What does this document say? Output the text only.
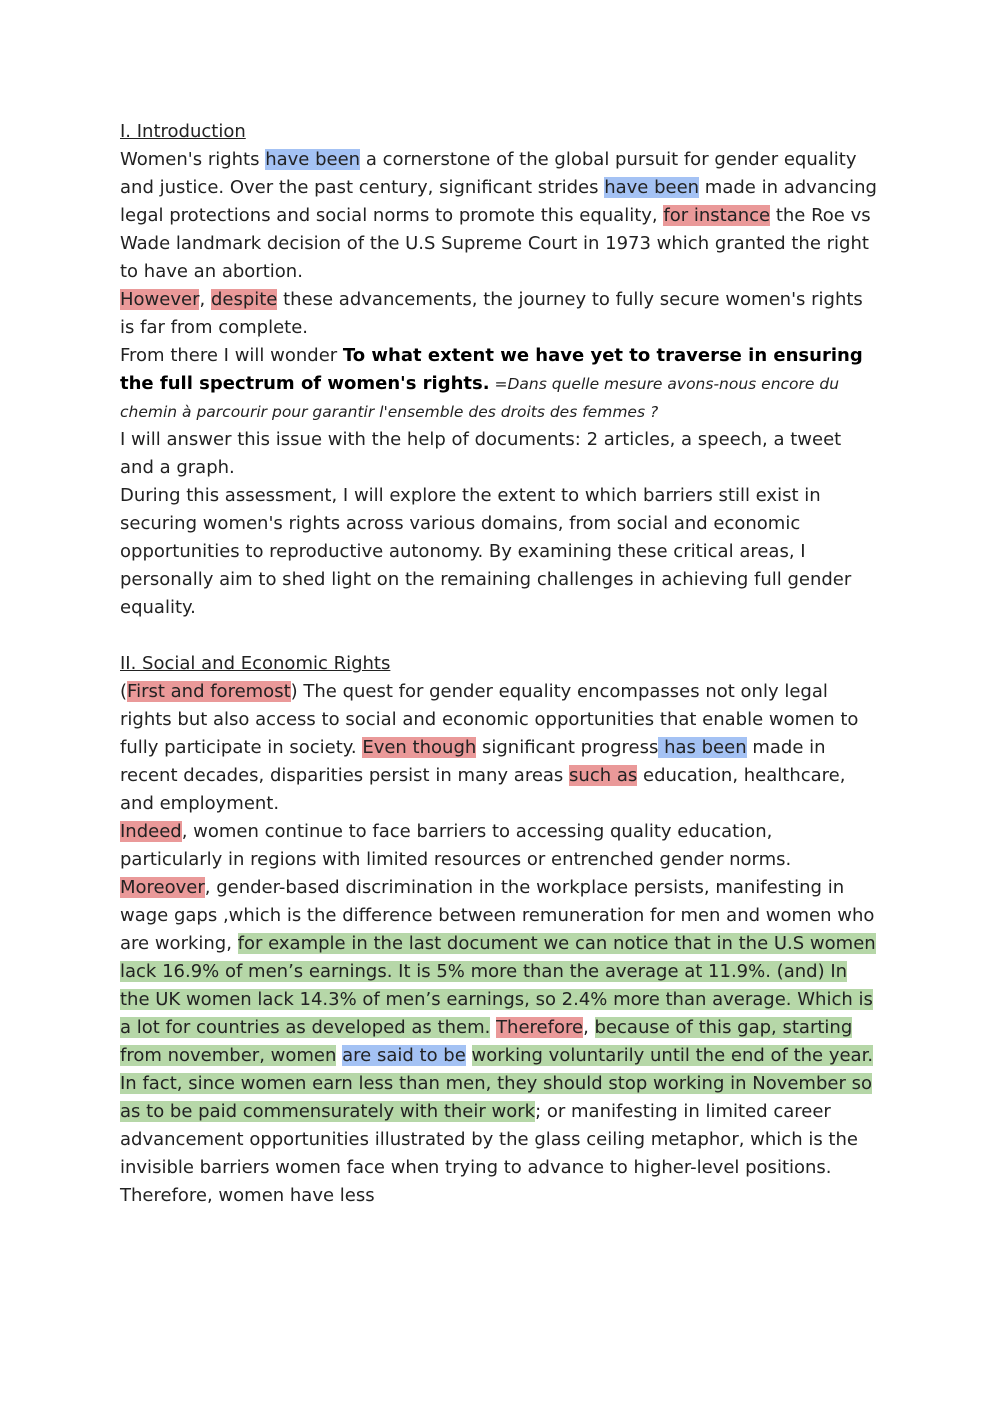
I. Introduction

Women's rights have been a cornerstone of the global pursuit for gender equality and justice. Over the past century, significant strides have been made in advancing legal protections and social norms to promote this equality, for instance the Roe vs Wade landmark decision of the U.S Supreme Court in 1973 which granted the right to have an abortion.
However, despite these advancements, the journey to fully secure women's rights is far from complete.

From there I will wonder To what extent we have yet to traverse in ensuring the full spectrum of women's rights. =Dans quelle mesure avons-nous encore du chemin à parcourir pour garantir l'ensemble des droits des femmes ?

I will answer this issue with the help of documents: 2 articles, a speech, a tweet and a graph.

During this assessment, I will explore the extent to which barriers still exist in securing women's rights across various domains, from social and economic opportunities to reproductive autonomy. By examining these critical areas, I personally aim to shed light on the remaining challenges in achieving full gender equality.

II. Social and Economic Rights

(First and foremost) The quest for gender equality encompasses not only legal rights but also access to social and economic opportunities that enable women to fully participate in society. Even though significant progress has been made in recent decades, disparities persist in many areas such as education, healthcare, and employment.

Indeed, women continue to face barriers to accessing quality education, particularly in regions with limited resources or entrenched gender norms.

Moreover, gender-based discrimination in the workplace persists, manifesting in wage gaps ,which is the difference between remuneration for men and women who are working, for example in the last document we can notice that in the U.S women lack 16.9% of men’s earnings. It is 5% more than the average at 11.9%. (and) In the UK women lack 14.3% of men’s earnings, so 2.4% more than average. Which is a lot for countries as developed as them. Therefore, because of this gap, starting from november, women are said to be working voluntarily until the end of the year. In fact, since women earn less than men, they should stop working in November so as to be paid commensurately with their work; or manifesting in limited career advancement opportunities illustrated by the glass ceiling metaphor, which is the invisible barriers women face when trying to advance to higher-level positions. Therefore, women have less
